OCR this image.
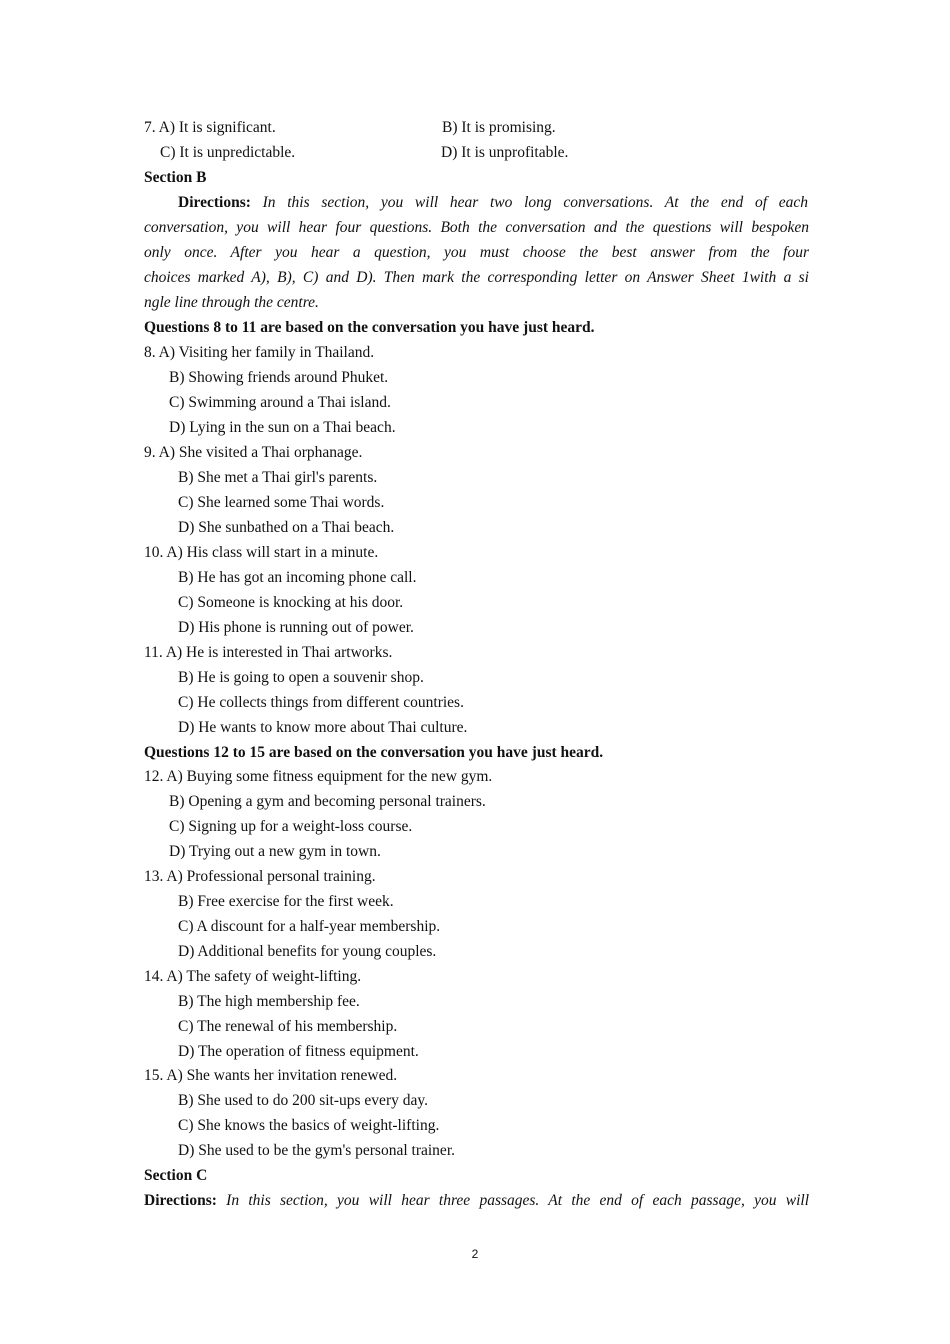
7. A) It is significant.	B) It is promising.
C) It is unpredictable.	D) It is unprofitable.
Section B
Directions: In this section, you will hear two long conversations. At the end of each
conversation, you will hear four questions. Both the conversation and the questions will bespoken
only once. After you hear a question, you must choose the best answer from the four
choices marked A), B), C) and D). Then mark the corresponding letter on Answer Sheet 1with a si
ngle line through the centre.
Questions 8 to 11 are based on the conversation you have just heard.
8. A) Visiting her family in Thailand.
B) Showing friends around Phuket.
C) Swimming around a Thai island.
D) Lying in the sun on a Thai beach.
9. A) She visited a Thai orphanage.
B) She met a Thai girl's parents.
C) She learned some Thai words.
D) She sunbathed on a Thai beach.
10. A) His class will start in a minute.
B) He has got an incoming phone call.
C) Someone is knocking at his door.
D) His phone is running out of power.
11. A) He is interested in Thai artworks.
B) He is going to open a souvenir shop.
C) He collects things from different countries.
D) He wants to know more about Thai culture.
Questions 12 to 15 are based on the conversation you have just heard.
12. A) Buying some fitness equipment for the new gym.
B) Opening a gym and becoming personal trainers.
C) Signing up for a weight-loss course.
D) Trying out a new gym in town.
13. A) Professional personal training.
B) Free exercise for the first week.
C) A discount for a half-year membership.
D) Additional benefits for young couples.
14. A) The safety of weight-lifting.
B) The high membership fee.
C) The renewal of his membership.
D) The operation of fitness equipment.
15. A) She wants her invitation renewed.
B) She used to do 200 sit-ups every day.
C) She knows the basics of weight-lifting.
D) She used to be the gym's personal trainer.
Section C
Directions: In this section, you will hear three passages. At the end of each passage, you will
2
